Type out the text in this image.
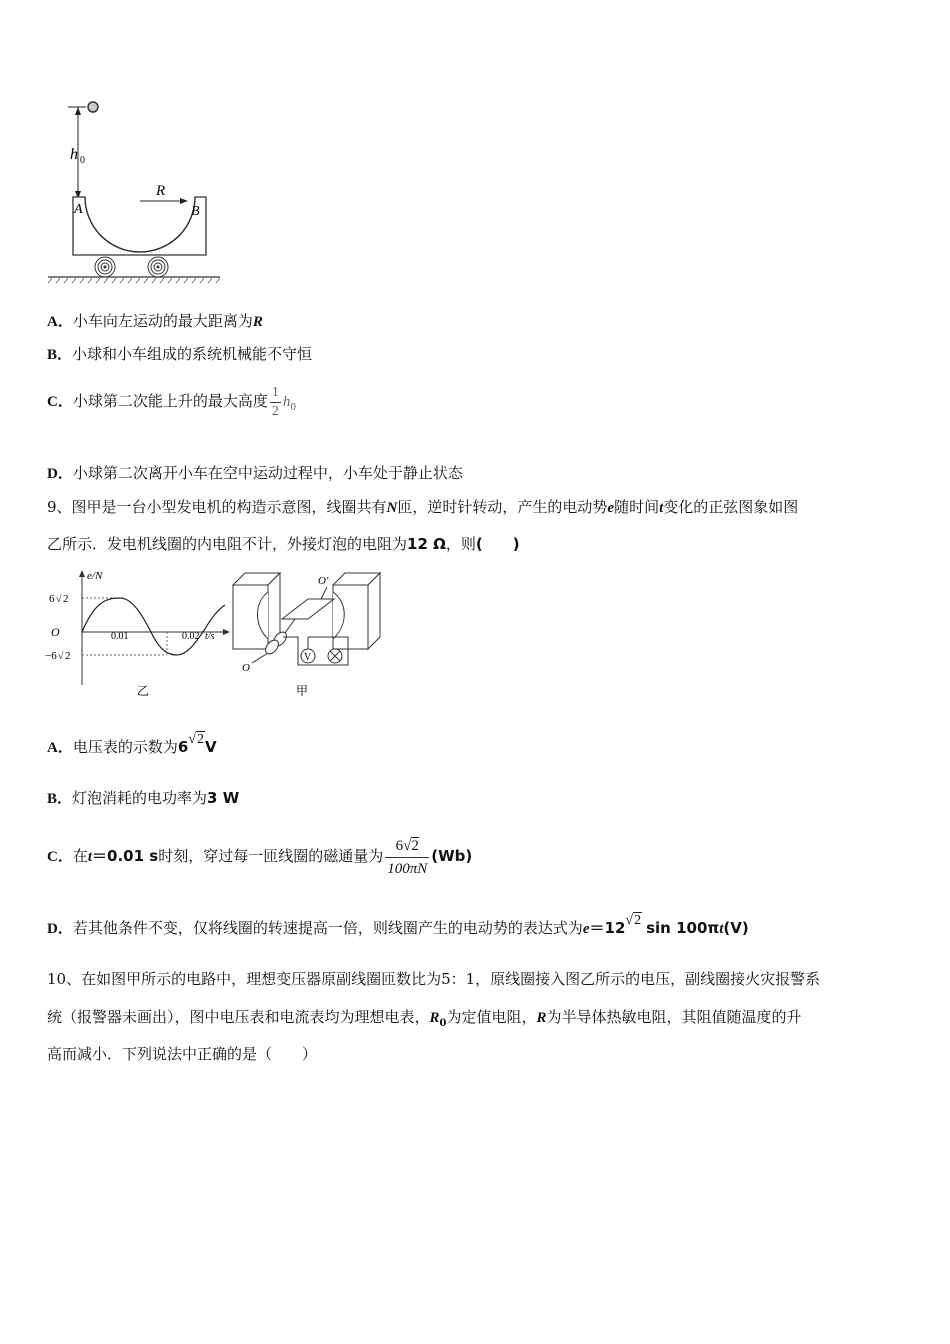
h 0
A	B
R
A．小车向左运动的最大距离为R
B．小球和小车组成的系统机械能不守恒
C．小球第二次能上升的最大高度 $\frac{1}{2} h_0$
D．小球第二次离开小车在空中运动过程中，小车处于静止状态
9、图甲是一台小型发电机的构造示意图，线圈共有N匝，逆时针转动，产生的电动势e随时间t变化的正弦图象如图
乙所示．发电机线圈的内电阻不计，外接灯泡的电阻为12 Ω，则(　　)
e/N
6 √ 2
O
−6 √ 2
0.01	0.02 t/s
乙
O′
O
V
甲
A．电压表的示数为6√2V
B．灯泡消耗的电功率为3 W
C．在t＝0.01 s时刻，穿过每一匝线圈的磁通量为 $\frac{6√2}{100\pi N} (Wb)$
D．若其他条件不变，仅将线圈的转速提高一倍，则线圈产生的电动势的表达式为e＝12√2 sin 100πt(V)
10、在如图甲所示的电路中，理想变压器原副线圈匝数比为5：1，原线圈接入图乙所示的电压，副线圈接火灾报警系
统（报警器未画出），图中电压表和电流表均为理想电表，$R_0$为定值电阻，R为半导体热敏电阻，其阻值随温度的升
高而减小．下列说法中正确的是（　　）
